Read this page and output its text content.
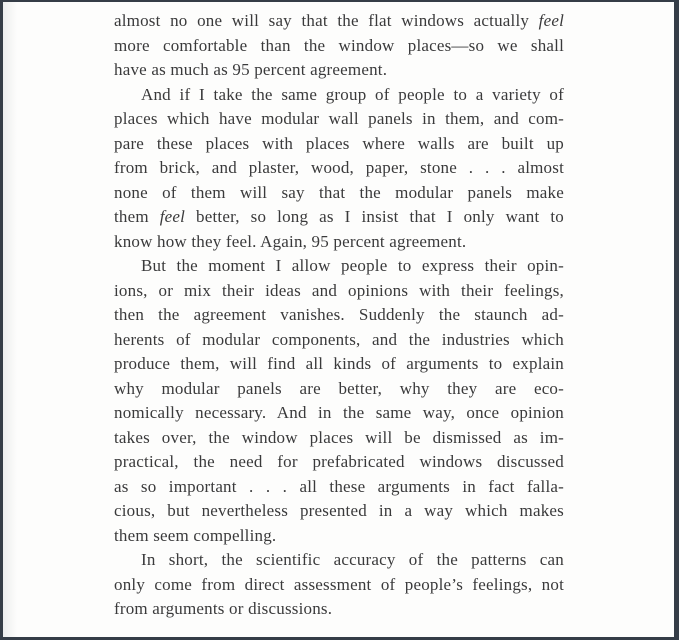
almost no one will say that the flat windows actually feel
more comfortable than the window places—so we shall
have as much as 95 percent agreement.
And if I take the same group of people to a variety of
places which have modular wall panels in them, and com-
pare these places with places where walls are built up
from brick, and plaster, wood, paper, stone . . . almost
none of them will say that the modular panels make
them feel better, so long as I insist that I only want to
know how they feel. Again, 95 percent agreement.
But the moment I allow people to express their opin-
ions, or mix their ideas and opinions with their feelings,
then the agreement vanishes. Suddenly the staunch ad-
herents of modular components, and the industries which
produce them, will find all kinds of arguments to explain
why modular panels are better, why they are eco-
nomically necessary. And in the same way, once opinion
takes over, the window places will be dismissed as im-
practical, the need for prefabricated windows discussed
as so important . . . all these arguments in fact falla-
cious, but nevertheless presented in a way which makes
them seem compelling.
In short, the scientific accuracy of the patterns can
only come from direct assessment of people’s feelings, not
from arguments or discussions.
